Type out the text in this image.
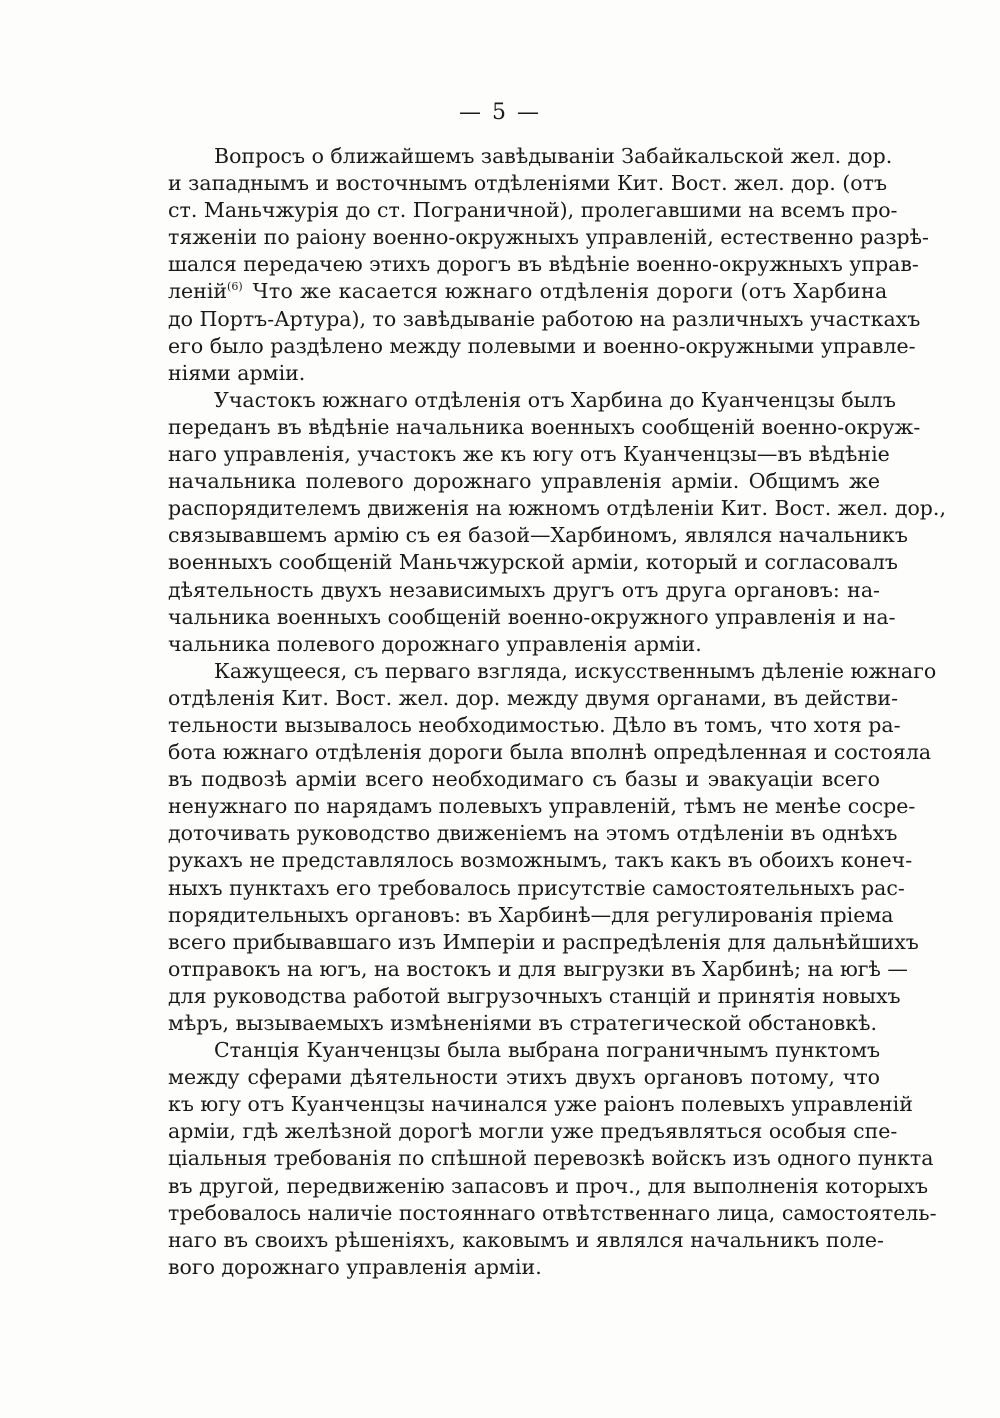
— 5 —
Вопросъ о ближайшемъ завѣдываніи Забайкальской жел. дор.
и западнымъ и восточнымъ отдѣленіями Кит. Вост. жел. дор. (отъ
ст. Маньчжурія до ст. Пограничной), пролегавшими на всемъ про-
тяженіи по раіону военно-окружныхъ управленій, естественно разрѣ-
шался передачею этихъ дорогъ въ вѣдѣніе военно-окружныхъ управ-
леній$^{(6)}$ Что же касается южнаго отдѣленія дороги (отъ Харбина
до Портъ-Артура), то завѣдываніе работою на различныхъ участкахъ
его было раздѣлено между полевыми и военно-окружными управле-
ніями арміи.
Участокъ южнаго отдѣленія отъ Харбина до Куанченцзы былъ
переданъ въ вѣдѣніе начальника военныхъ сообщеній военно-окруж-
наго управленія, участокъ же къ югу отъ Куанченцзы—въ вѣдѣніе
начальника полевого дорожнаго управленія арміи. Общимъ же
распорядителемъ движенія на южномъ отдѣленіи Кит. Вост. жел. дор.,
связывавшемъ армію съ ея базой—Харбиномъ, являлся начальникъ
военныхъ сообщеній Маньчжурской арміи, который и согласовалъ
дѣятельность двухъ независимыхъ другъ отъ друга органовъ: на-
чальника военныхъ сообщеній военно-окружного управленія и на-
чальника полевого дорожнаго управленія арміи.
Кажущееся, съ перваго взгляда, искусственнымъ дѣленіе южнаго
отдѣленія Кит. Вост. жел. дор. между двумя органами, въ действи-
тельности вызывалось необходимостью. Дѣло въ томъ, что хотя ра-
бота южнаго отдѣленія дороги была вполнѣ опредѣленная и состояла
въ подвозѣ арміи всего необходимаго съ базы и эвакуаціи всего
ненужнаго по нарядамъ полевыхъ управленій, тѣмъ не менѣе сосре-
доточивать руководство движеніемъ на этомъ отдѣленіи въ однѣхъ
рукахъ не представлялось возможнымъ, такъ какъ въ обоихъ конеч-
ныхъ пунктахъ его требовалось присутствіе самостоятельныхъ рас-
порядительныхъ органовъ: въ Харбинѣ—для регулированія пріема
всего прибывавшаго изъ Имперіи и распредѣленія для дальнѣйшихъ
отправокъ на югъ, на востокъ и для выгрузки въ Харбинѣ; на югѣ —
для руководства работой выгрузочныхъ станцій и принятія новыхъ
мѣръ, вызываемыхъ измѣненіями въ стратегической обстановкѣ.
Станція Куанченцзы была выбрана пограничнымъ пунктомъ
между сферами дѣятельности этихъ двухъ органовъ потому, что
къ югу отъ Куанченцзы начинался уже раіонъ полевыхъ управленій
арміи, гдѣ желѣзной дорогѣ могли уже предъявляться особыя спе-
ціальныя требованія по спѣшной перевозкѣ войскъ изъ одного пункта
въ другой, передвиженію запасовъ и проч., для выполненія которыхъ
требовалось наличіе постояннаго отвѣтственнаго лица, самостоятель-
наго въ своихъ рѣшеніяхъ, каковымъ и являлся начальникъ поле-
вого дорожнаго управленія арміи.
